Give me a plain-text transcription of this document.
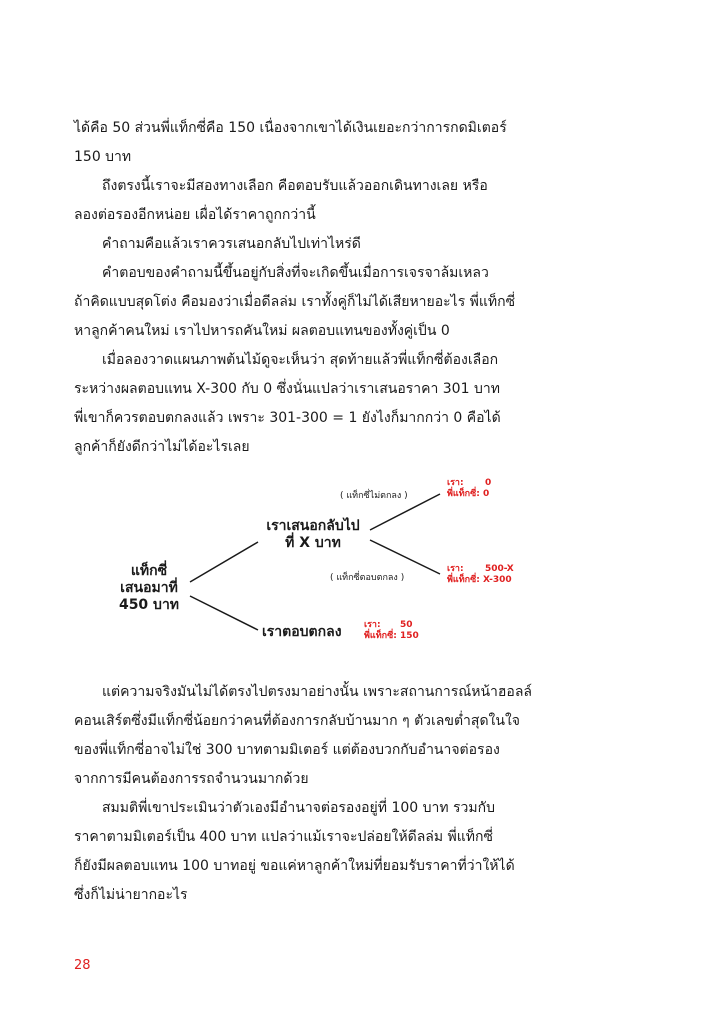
ได้คือ 50 ส่วนพี่แท็กซี่คือ 150 เนื่องจากเขาได้เงินเยอะกว่าการกดมิเตอร์
150 บาท
ถึงตรงนี้เราจะมีสองทางเลือก คือตอบรับแล้วออกเดินทางเลย หรือ
ลองต่อรองอีกหน่อย เผื่อได้ราคาถูกกว่านี้
คำถามคือแล้วเราควรเสนอกลับไปเท่าไหร่ดี
คำตอบของคำถามนี้ขึ้นอยู่กับสิ่งที่จะเกิดขึ้นเมื่อการเจรจาล้มเหลว
ถ้าคิดแบบสุดโต่ง คือมองว่าเมื่อดีลล่ม เราทั้งคู่ก็ไม่ได้เสียหายอะไร พี่แท็กซี่
หาลูกค้าคนใหม่ เราไปหารถคันใหม่ ผลตอบแทนของทั้งคู่เป็น 0
เมื่อลองวาดแผนภาพต้นไม้ดูจะเห็นว่า สุดท้ายแล้วพี่แท็กซี่ต้องเลือก
ระหว่างผลตอบแทน X-300 กับ 0 ซึ่งนั่นแปลว่าเราเสนอราคา 301 บาท
พี่เขาก็ควรตอบตกลงแล้ว เพราะ 301-300 = 1 ยังไงก็มากกว่า 0 คือได้
ลูกค้าก็ยังดีกว่าไม่ได้อะไรเลย
แท็กซี่
เสนอมาที่
450 บาท
เราเสนอกลับไป
ที่ X บาท
เราตอบตกลง
( แท็กซี่ไม่ตกลง )
( แท็กซี่ตอบตกลง )
เรา: 0
พี่แท็กซี่: 0
เรา: 500-X
พี่แท็กซี่: X-300
เรา: 50
พี่แท็กซี่: 150
แต่ความจริงมันไม่ได้ตรงไปตรงมาอย่างนั้น เพราะสถานการณ์หน้าฮอลล์
คอนเสิร์ตซึ่งมีแท็กซี่น้อยกว่าคนที่ต้องการกลับบ้านมาก ๆ ตัวเลขต่ำสุดในใจ
ของพี่แท็กซี่อาจไม่ใช่ 300 บาทตามมิเตอร์ แต่ต้องบวกกับอำนาจต่อรอง
จากการมีคนต้องการรถจำนวนมากด้วย
สมมติพี่เขาประเมินว่าตัวเองมีอำนาจต่อรองอยู่ที่ 100 บาท รวมกับ
ราคาตามมิเตอร์เป็น 400 บาท แปลว่าแม้เราจะปล่อยให้ดีลล่ม พี่แท็กซี่
ก็ยังมีผลตอบแทน 100 บาทอยู่ ขอแค่หาลูกค้าใหม่ที่ยอมรับราคาที่ว่าให้ได้
ซึ่งก็ไม่น่ายากอะไร
28
